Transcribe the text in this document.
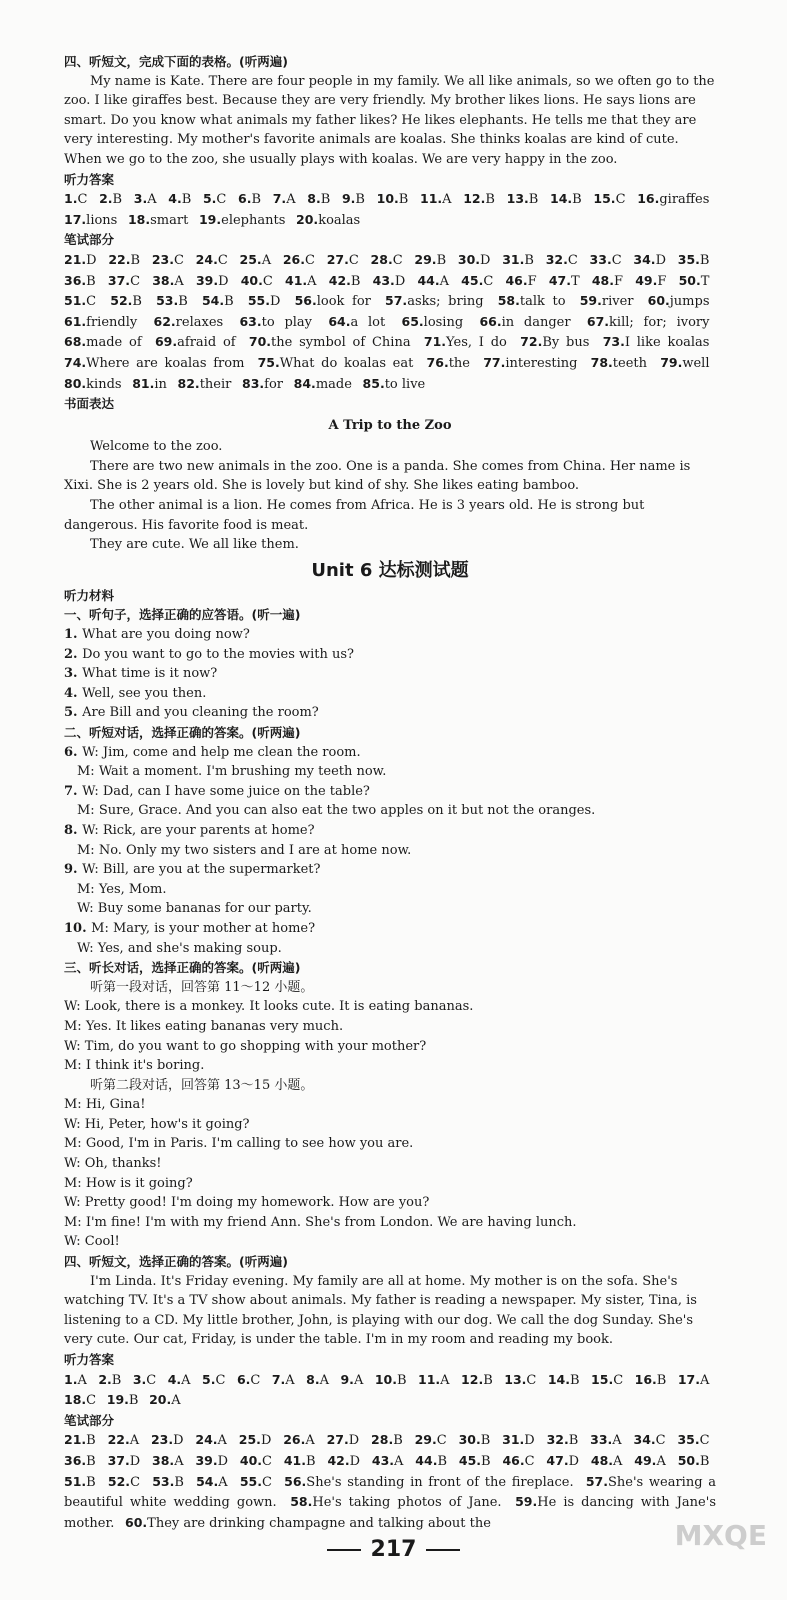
四、听短文，完成下面的表格。(听两遍)

My name is Kate. There are four people in my family. We all like animals, so we often go to the zoo. I like giraffes best. Because they are very friendly. My brother likes lions. He says lions are smart. Do you know what animals my father likes? He likes elephants. He tells me that they are very interesting. My mother's favorite animals are koalas. She thinks koalas are kind of cute. When we go to the zoo, she usually plays with koalas. We are very happy in the zoo.

听力答案

1.C  2.B  3.A  4.B  5.C  6.B  7.A  8.B  9.B  10.B  11.A  12.B  13.B  14.B  15.C  16.giraffes  17.lions  18.smart  19.elephants  20.koalas

笔试部分

21.D  22.B  23.C  24.C  25.A  26.C  27.C  28.C  29.B  30.D  31.B  32.C  33.C  34.D  35.B  36.B  37.C  38.A  39.D  40.C  41.A  42.B  43.D  44.A  45.C  46.F  47.T  48.F  49.F  50.T  51.C  52.B  53.B  54.B  55.D  56.look for  57.asks; bring  58.talk to  59.river  60.jumps  61.friendly  62.relaxes  63.to play  64.a lot  65.losing  66.in danger  67.kill; for; ivory  68.made of  69.afraid of  70.the symbol of China  71.Yes, I do  72.By bus  73.I like koalas  74.Where are koalas from  75.What do koalas eat  76.the  77.interesting  78.teeth  79.well  80.kinds  81.in  82.their  83.for  84.made  85.to live

书面表达

A Trip to the Zoo

Welcome to the zoo.

There are two new animals in the zoo. One is a panda. She comes from China. Her name is Xixi. She is 2 years old. She is lovely but kind of shy. She likes eating bamboo.

The other animal is a lion. He comes from Africa. He is 3 years old. He is strong but dangerous. His favorite food is meat.

They are cute. We all like them.

Unit 6 达标测试题

听力材料

一、听句子，选择正确的应答语。(听一遍)

1. What are you doing now?

2. Do you want to go to the movies with us?

3. What time is it now?

4. Well, see you then.

5. Are Bill and you cleaning the room?

二、听短对话，选择正确的答案。(听两遍)

6. W: Jim, come and help me clean the room.

M: Wait a moment. I'm brushing my teeth now.

7. W: Dad, can I have some juice on the table?

M: Sure, Grace. And you can also eat the two apples on it but not the oranges.

8. W: Rick, are your parents at home?

M: No. Only my two sisters and I are at home now.

9. W: Bill, are you at the supermarket?

M: Yes, Mom.

W: Buy some bananas for our party.

10. M: Mary, is your mother at home?

W: Yes, and she's making soup.

三、听长对话，选择正确的答案。(听两遍)

听第一段对话，回答第 11～12 小题。

W: Look, there is a monkey. It looks cute. It is eating bananas.

M: Yes. It likes eating bananas very much.

W: Tim, do you want to go shopping with your mother?

M: I think it's boring.

听第二段对话，回答第 13～15 小题。

M: Hi, Gina!

W: Hi, Peter, how's it going?

M: Good, I'm in Paris. I'm calling to see how you are.

W: Oh, thanks!

M: How is it going?

W: Pretty good! I'm doing my homework. How are you?

M: I'm fine! I'm with my friend Ann. She's from London. We are having lunch.

W: Cool!

四、听短文，选择正确的答案。(听两遍)

I'm Linda. It's Friday evening. My family are all at home. My mother is on the sofa. She's watching TV. It's a TV show about animals. My father is reading a newspaper. My sister, Tina, is listening to a CD. My little brother, John, is playing with our dog. We call the dog Sunday. She's very cute. Our cat, Friday, is under the table. I'm in my room and reading my book.

听力答案

1.A  2.B  3.C  4.A  5.C  6.C  7.A  8.A  9.A  10.B  11.A  12.B  13.C  14.B  15.C  16.B  17.A  18.C  19.B  20.A

笔试部分

21.B  22.A  23.D  24.A  25.D  26.A  27.D  28.B  29.C  30.B  31.D  32.B  33.A  34.C  35.C  36.B  37.D  38.A  39.D  40.C  41.B  42.D  43.A  44.B  45.B  46.C  47.D  48.A  49.A  50.B  51.B  52.C  53.B  54.A  55.C  56.She's standing in front of the fireplace.  57.She's wearing a beautiful white wedding gown.  58.He's taking photos of Jane.  59.He is dancing with Jane's mother.  60.They are drinking champagne and talking about the

217	MXQE
